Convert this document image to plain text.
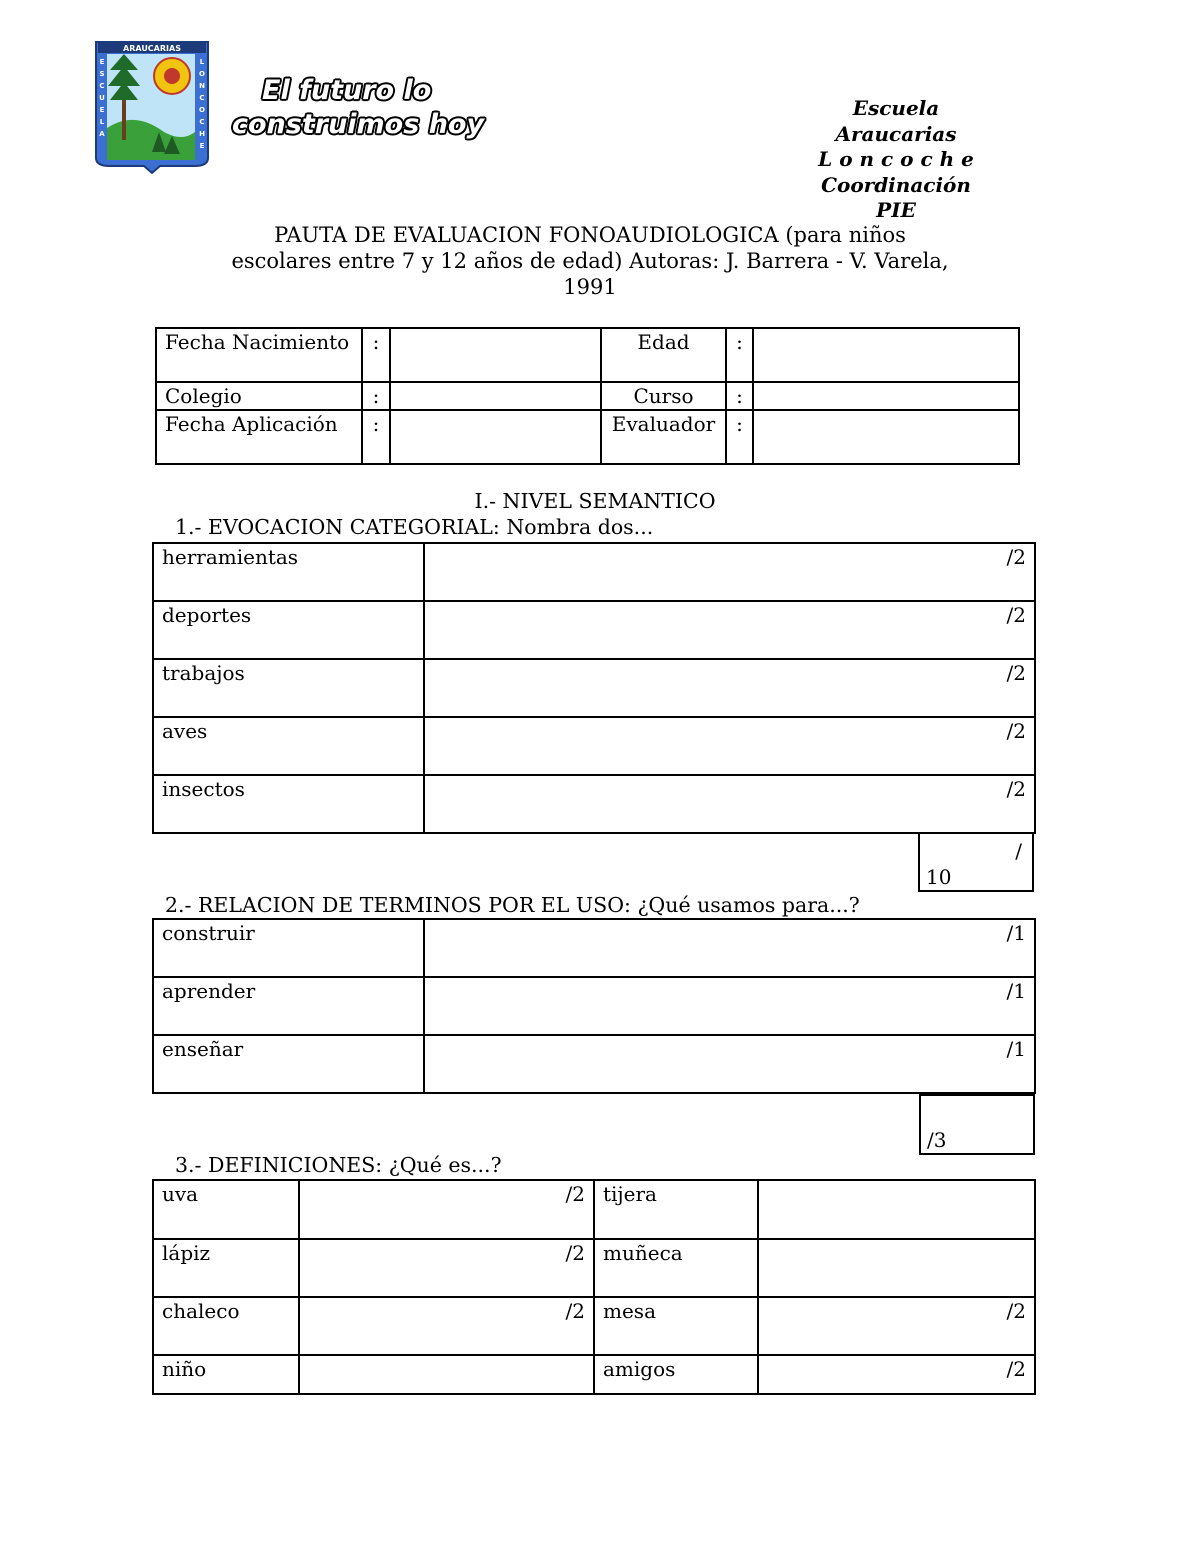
ARAUCARIAS
E
S
C
U
E
L
A
L
O
N
C
O
C
H
E
El futuro lo
construimos hoy
Escuela
Araucarias
L o n c o c h e
Coordinación
PIE
PAUTA DE EVALUACION FONOAUDIOLOGICA (para niños
escolares entre 7 y 12 años de edad) Autoras: J. Barrera - V. Varela,
1991
Fecha Nacimiento	:		Edad	:	
Colegio	:		Curso	:	
Fecha Aplicación	:		Evaluador	:	
I.- NIVEL SEMANTICO
1.- EVOCACION CATEGORIAL: Nombra dos...
herramientas	/2
deportes	/2
trabajos	/2
aves	/2
insectos	/2
/
10
2.- RELACION DE TERMINOS POR EL USO: ¿Qué usamos para...?
construir	/1
aprender	/1
enseñar	/1
/3
3.- DEFINICIONES: ¿Qué es...?
uva	/2	tijera	
lápiz	/2	muñeca	
chaleco	/2	mesa	/2
niño		amigos	/2
